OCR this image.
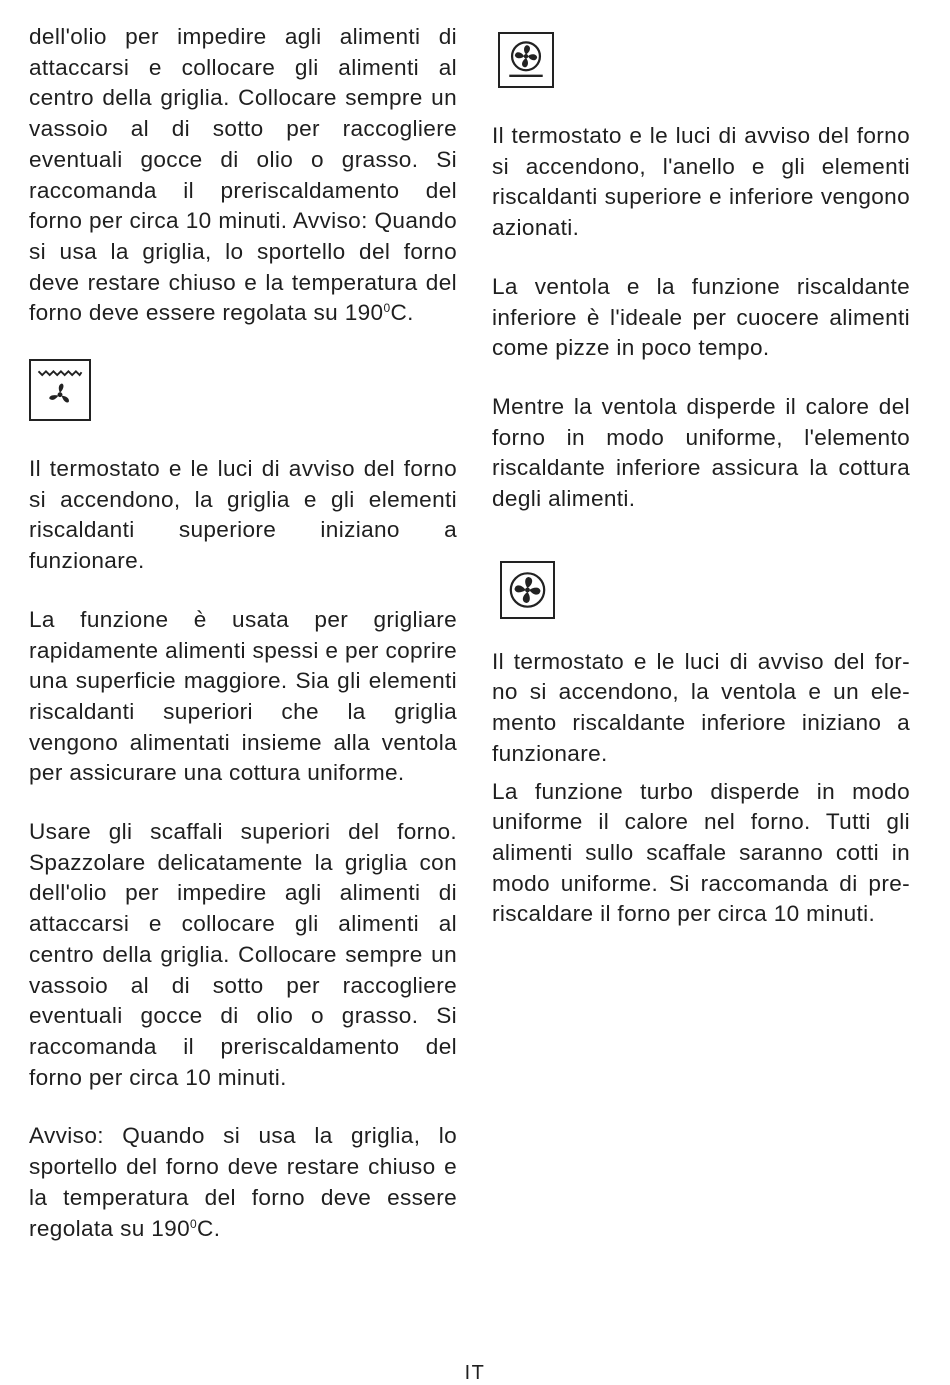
dell'olio per impedire agli alimenti di attaccarsi e collocare gli alimenti al centro della griglia. Collocare sempre un vassoio al di sotto per raccogliere eventuali gocce di olio o grasso. Si raccomanda il preriscaldamento del forno per circa 10 minuti. Avviso: Quando si usa la griglia, lo sportello del forno deve restare chiuso e la temperatura del forno deve essere regolata su $190^0C$.

Il termostato e le luci di avviso del forno si accendono, la griglia e gli elementi riscaldanti superiore iniziano a funzionare.

La funzione è usata per grigliare rapidamente alimenti spessi e per coprire una superficie maggiore. Sia gli elementi riscaldanti superiori che la griglia vengono alimentati insieme alla ventola per assicurare una cottura uniforme.

Usare gli scaffali superiori del forno. Spazzolare delicatamente la griglia con dell'olio per impedire agli alimenti di attaccarsi e collocare gli alimenti al centro della griglia. Collocare sempre un vassoio al di sotto per raccogliere eventuali gocce di olio o grasso. Si raccomanda il preriscaldamento del forno per circa 10 minuti.

Avviso: Quando si usa la griglia, lo sportello del forno deve restare chiuso e la temperatura del forno deve essere regolata su $190^0C$.

Il termostato e le luci di avviso del forno si accendono, l'anello e gli elementi riscaldanti superiore e inferiore vengono azionati.

La ventola e la funzione riscaldante inferiore è l'ideale per cuocere alimenti come pizze in poco tempo.

Mentre la ventola disperde il calore del forno in modo uniforme, l'elemento riscaldante inferiore assicura la cottura degli alimenti.

Il termostato e le luci di avviso del for-no si accendono, la ventola e un ele-mento riscaldante inferiore iniziano a funzionare.

La funzione turbo disperde in modo uniforme il calore nel forno. Tutti gli alimenti sullo scaffale saranno cotti in modo uniforme. Si raccomanda di pre-riscaldare il forno per circa 10 minuti.

IT
